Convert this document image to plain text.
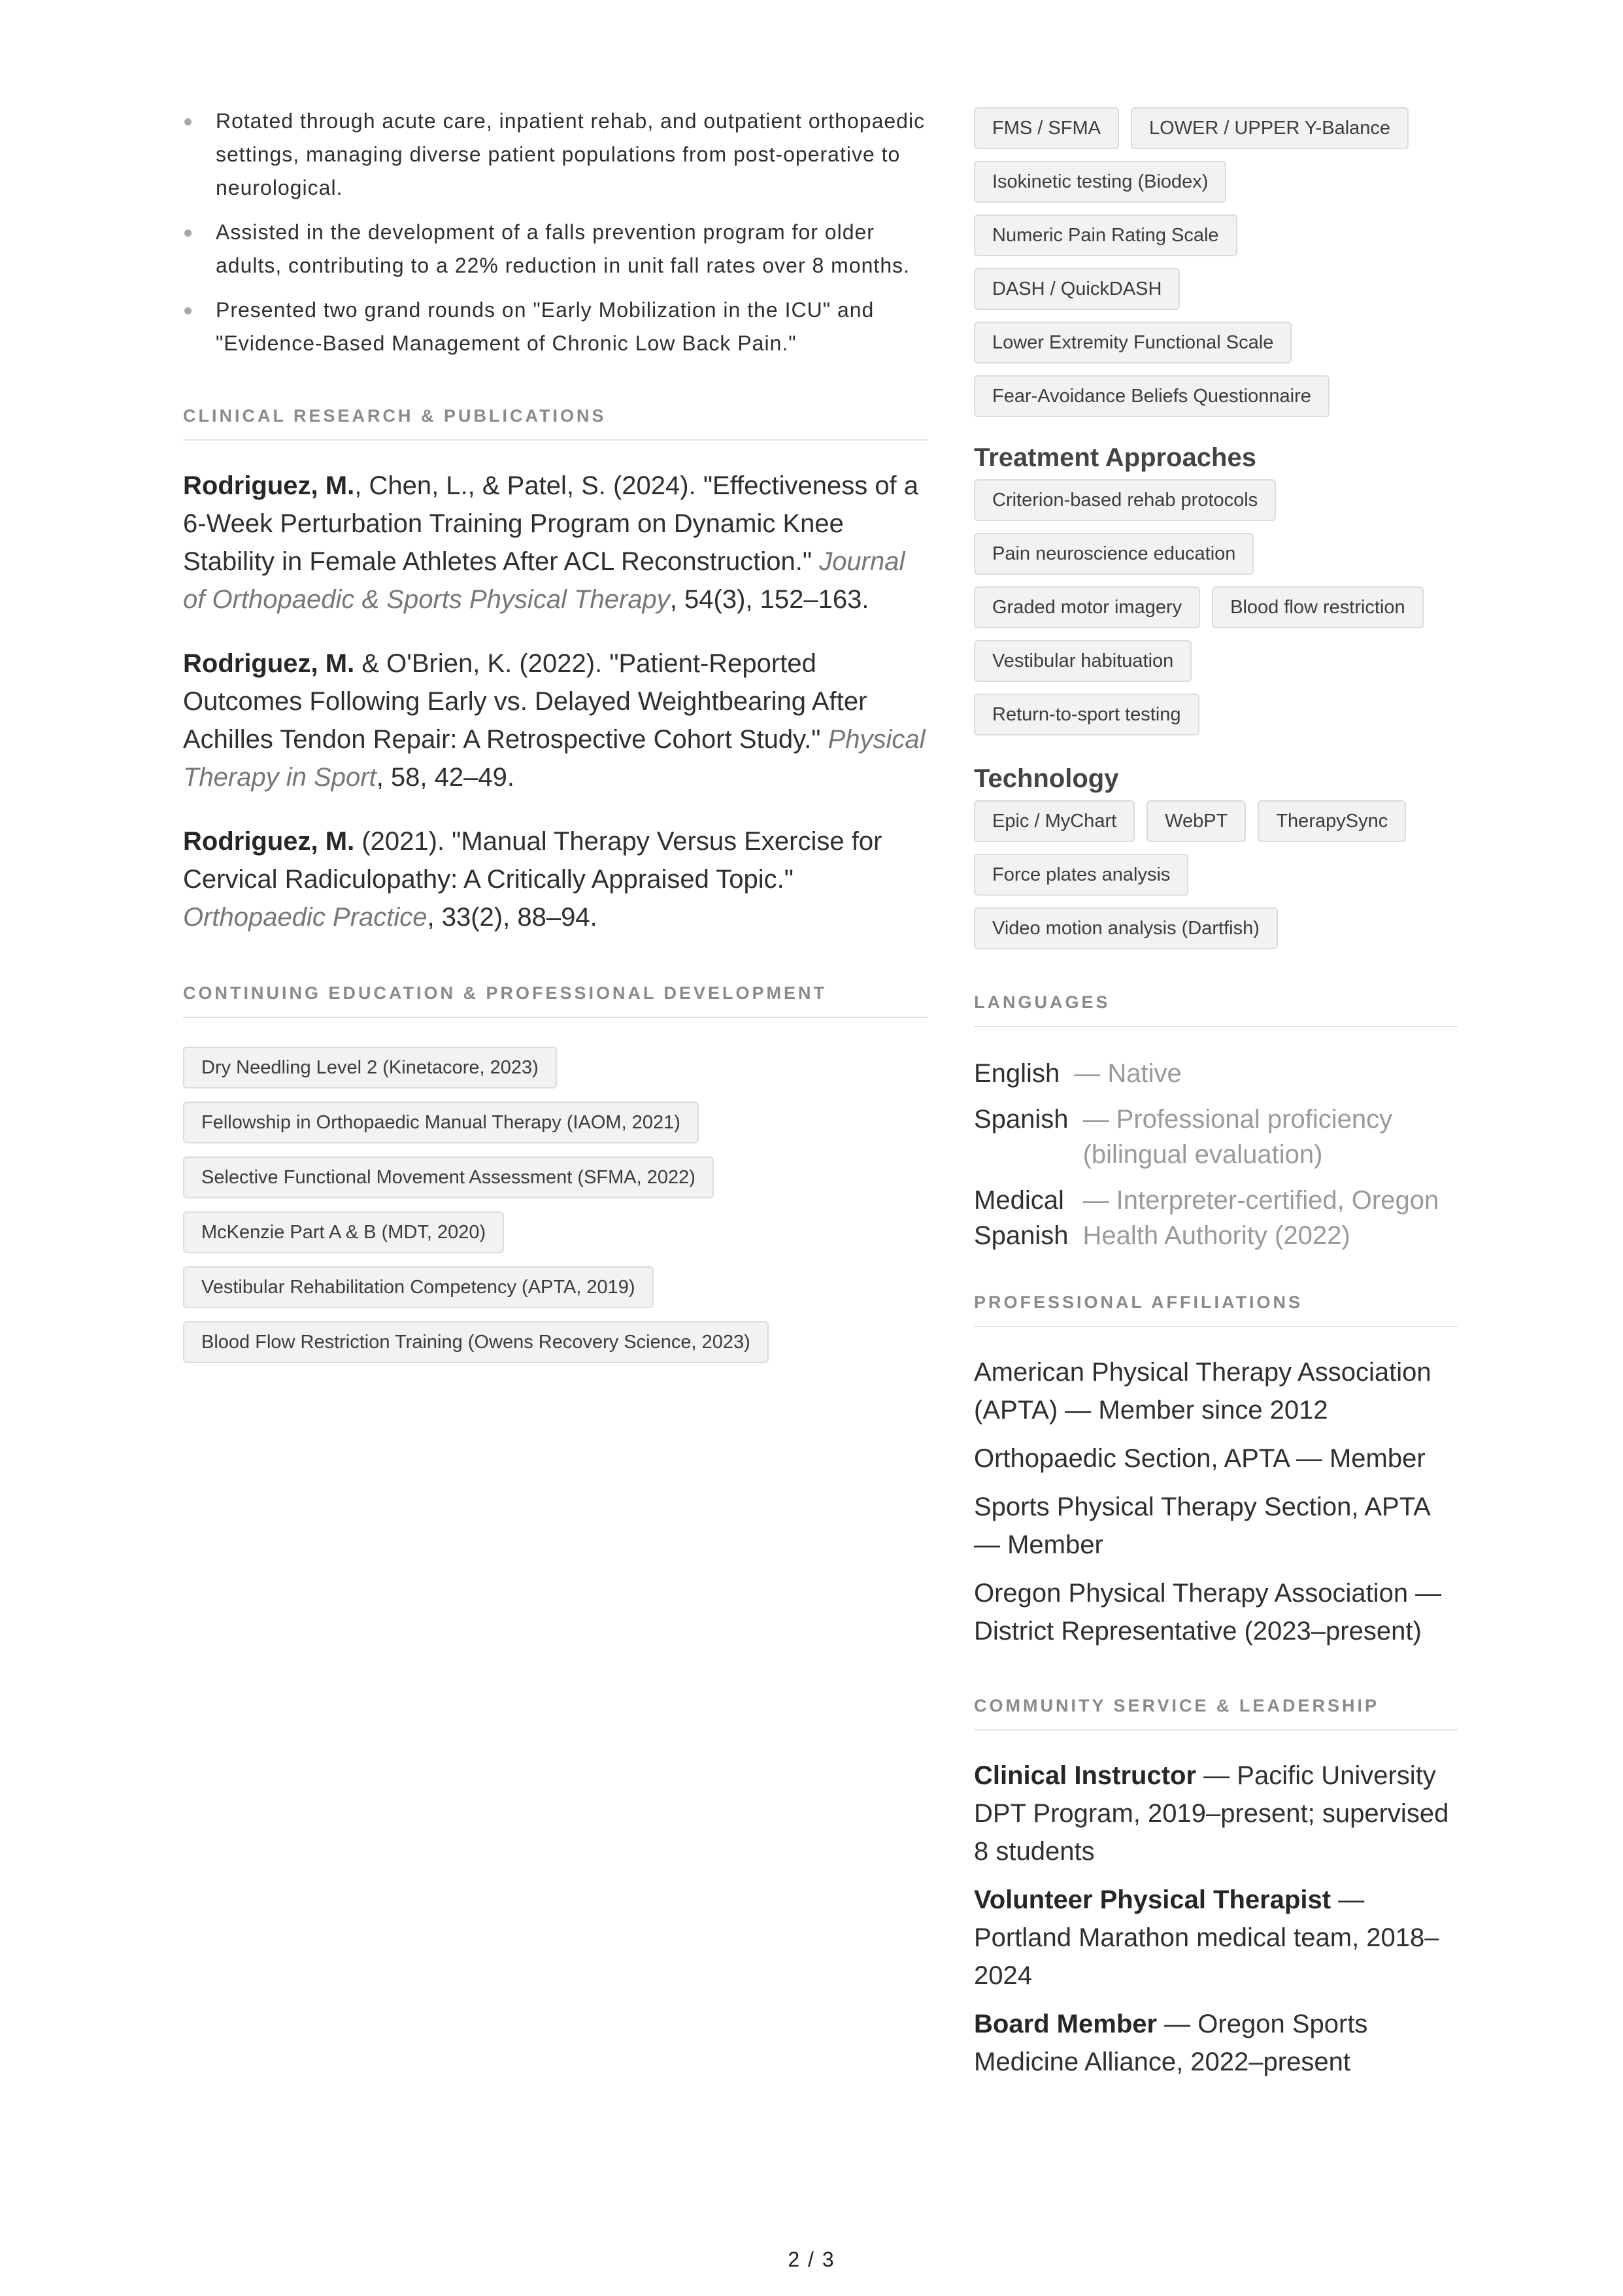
Rotated through acute care, inpatient rehab, and outpatient orthopaedic settings, managing diverse patient populations from post-operative to neurological.
Assisted in the development of a falls prevention program for older adults, contributing to a 22% reduction in unit fall rates over 8 months.
Presented two grand rounds on "Early Mobilization in the ICU" and "Evidence-Based Management of Chronic Low Back Pain."
CLINICAL RESEARCH & PUBLICATIONS

Rodriguez, M., Chen, L., & Patel, S. (2024). "Effectiveness of a 6-Week Perturbation Training Program on Dynamic Knee Stability in Female Athletes After ACL Reconstruction." Journal of Orthopaedic & Sports Physical Therapy, 54(3), 152–163.

Rodriguez, M. & O'Brien, K. (2022). "Patient-Reported Outcomes Following Early vs. Delayed Weightbearing After Achilles Tendon Repair: A Retrospective Cohort Study." Physical Therapy in Sport, 58, 42–49.

Rodriguez, M. (2021). "Manual Therapy Versus Exercise for Cervical Radiculopathy: A Critically Appraised Topic." Orthopaedic Practice, 33(2), 88–94.

CONTINUING EDUCATION & PROFESSIONAL DEVELOPMENT
Dry Needling Level 2 (Kinetacore, 2023)
Fellowship in Orthopaedic Manual Therapy (IAOM, 2021)
Selective Functional Movement Assessment (SFMA, 2022)
McKenzie Part A & B (MDT, 2020)
Vestibular Rehabilitation Competency (APTA, 2019)
Blood Flow Restriction Training (Owens Recovery Science, 2023)
FMS / SFMA	LOWER / UPPER Y-Balance
Isokinetic testing (Biodex)
Numeric Pain Rating Scale
DASH / QuickDASH
Lower Extremity Functional Scale
Fear-Avoidance Beliefs Questionnaire
Treatment Approaches
Criterion-based rehab protocols
Pain neuroscience education
Graded motor imagery	Blood flow restriction
Vestibular habituation
Return-to-sport testing
Technology
Epic / MyChart	WebPT	TherapySync
Force plates analysis
Video motion analysis (Dartfish)
LANGUAGES
English — Native
Spanish — Professional proficiency (bilingual evaluation)
Medical Spanish
— Interpreter-certified, Oregon Health Authority (2022)
PROFESSIONAL AFFILIATIONS
American Physical Therapy Association (APTA) — Member since 2012
Orthopaedic Section, APTA — Member
Sports Physical Therapy Section, APTA — Member
Oregon Physical Therapy Association — District Representative (2023–present)
COMMUNITY SERVICE & LEADERSHIP
Clinical Instructor — Pacific University DPT Program, 2019–present; supervised 8 students
Volunteer Physical Therapist — Portland Marathon medical team, 2018–2024
Board Member — Oregon Sports Medicine Alliance, 2022–present
2 / 3
